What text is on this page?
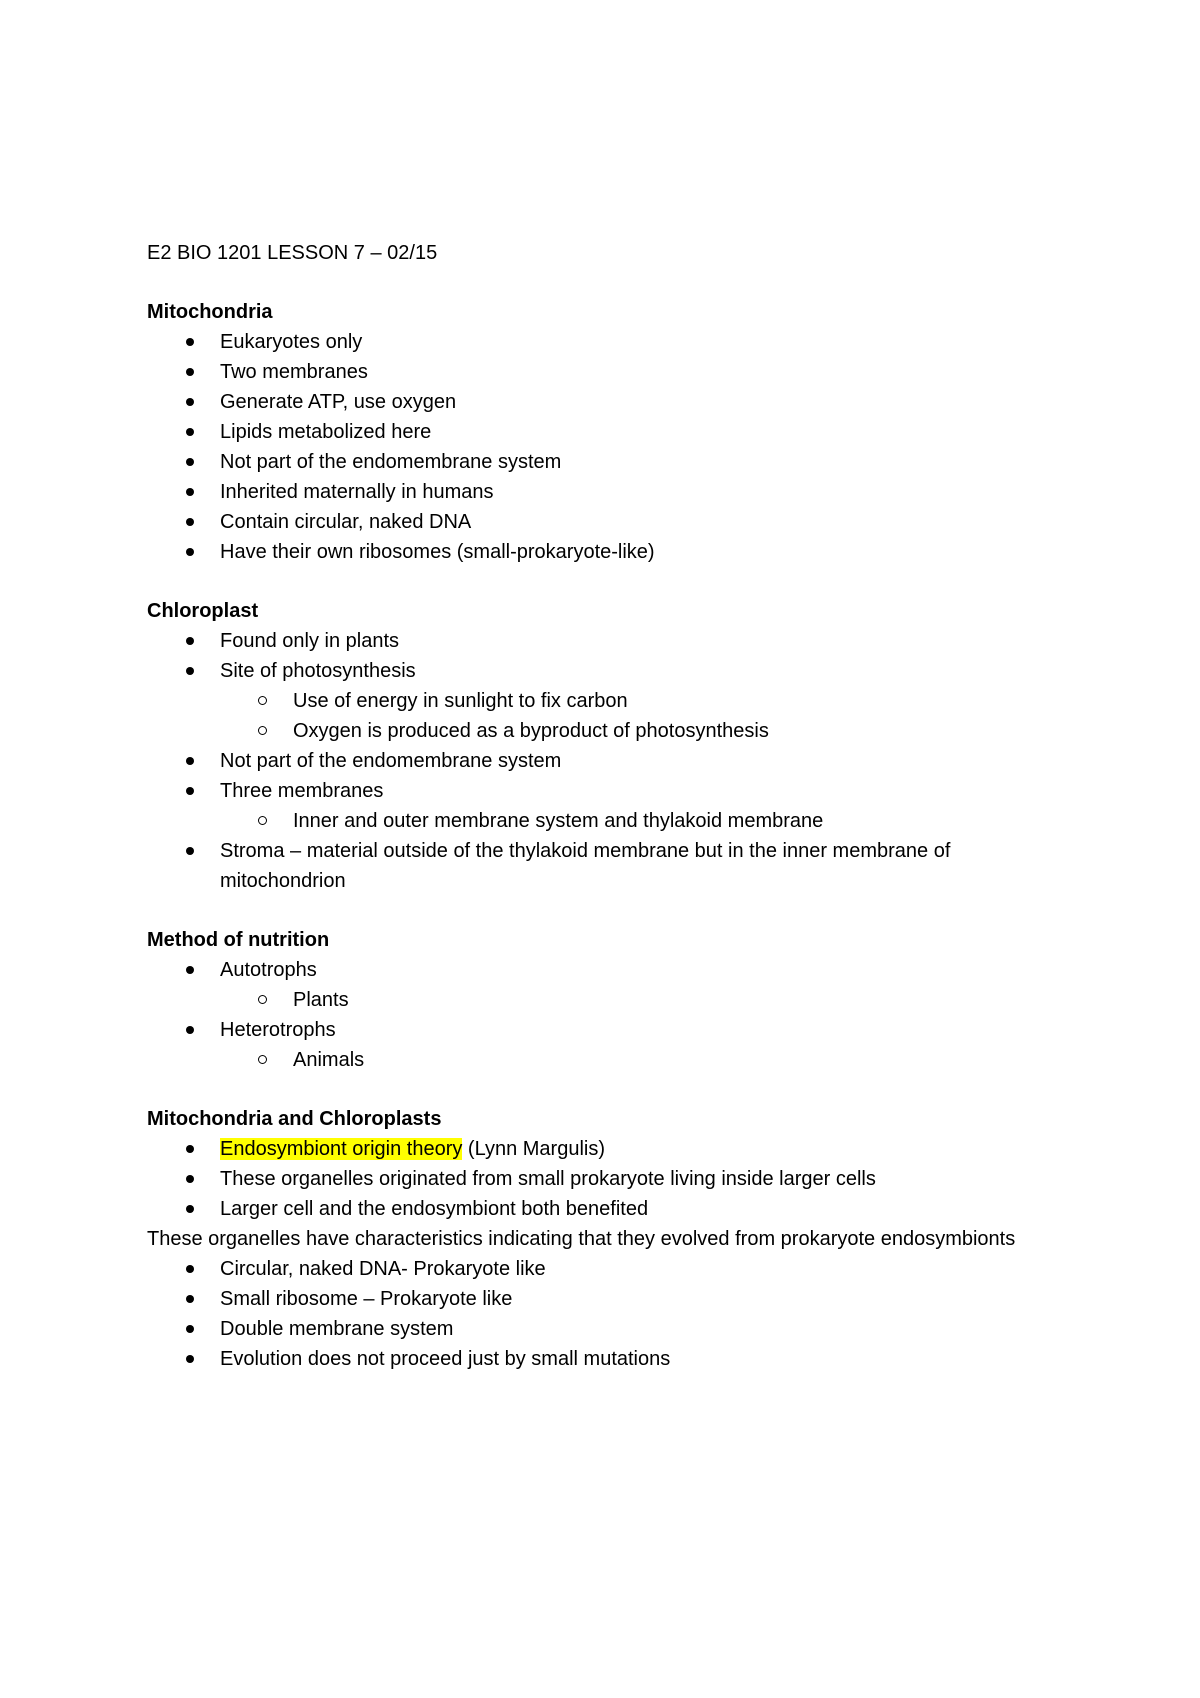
E2 BIO 1201 LESSON 7 – 02/15
Mitochondria
Eukaryotes only
Two membranes
Generate ATP, use oxygen
Lipids metabolized here
Not part of the endomembrane system
Inherited maternally in humans
Contain circular, naked DNA
Have their own ribosomes (small-prokaryote-like)
Chloroplast
Found only in plants
Site of photosynthesis
Use of energy in sunlight to fix carbon
Oxygen is produced as a byproduct of photosynthesis
Not part of the endomembrane system
Three membranes
Inner and outer membrane system and thylakoid membrane
Stroma – material outside of the thylakoid membrane but in the inner membrane of mitochondrion
Method of nutrition
Autotrophs
Plants
Heterotrophs
Animals
Mitochondria and Chloroplasts
Endosymbiont origin theory (Lynn Margulis)
These organelles originated from small prokaryote living inside larger cells
Larger cell and the endosymbiont both benefited

These organelles have characteristics indicating that they evolved from prokaryote endosymbionts

Circular, naked DNA- Prokaryote like
Small ribosome – Prokaryote like
Double membrane system
Evolution does not proceed just by small mutations
